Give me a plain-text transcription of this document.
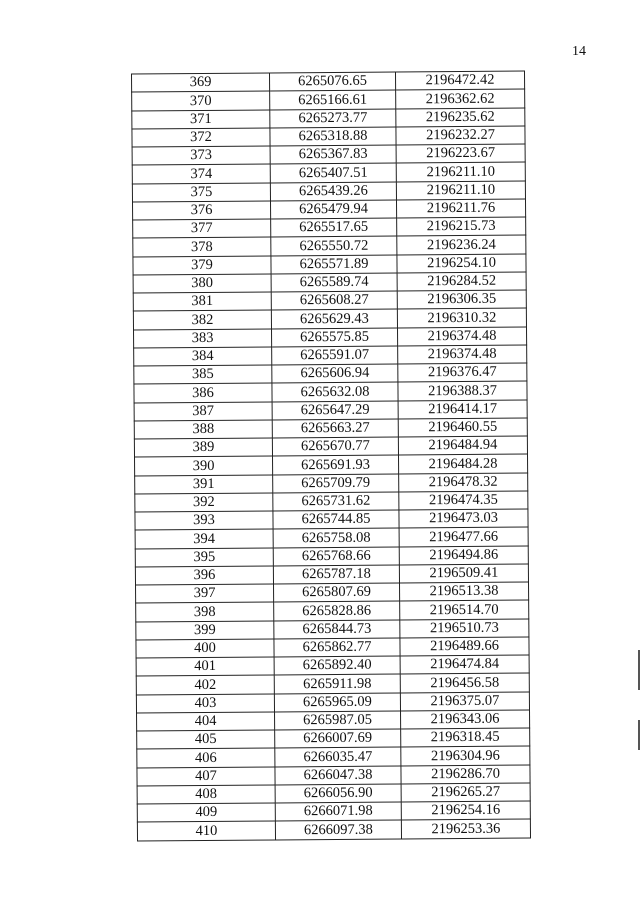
14
369	6265076.65	2196472.42
370	6265166.61	2196362.62
371	6265273.77	2196235.62
372	6265318.88	2196232.27
373	6265367.83	2196223.67
374	6265407.51	2196211.10
375	6265439.26	2196211.10
376	6265479.94	2196211.76
377	6265517.65	2196215.73
378	6265550.72	2196236.24
379	6265571.89	2196254.10
380	6265589.74	2196284.52
381	6265608.27	2196306.35
382	6265629.43	2196310.32
383	6265575.85	2196374.48
384	6265591.07	2196374.48
385	6265606.94	2196376.47
386	6265632.08	2196388.37
387	6265647.29	2196414.17
388	6265663.27	2196460.55
389	6265670.77	2196484.94
390	6265691.93	2196484.28
391	6265709.79	2196478.32
392	6265731.62	2196474.35
393	6265744.85	2196473.03
394	6265758.08	2196477.66
395	6265768.66	2196494.86
396	6265787.18	2196509.41
397	6265807.69	2196513.38
398	6265828.86	2196514.70
399	6265844.73	2196510.73
400	6265862.77	2196489.66
401	6265892.40	2196474.84
402	6265911.98	2196456.58
403	6265965.09	2196375.07
404	6265987.05	2196343.06
405	6266007.69	2196318.45
406	6266035.47	2196304.96
407	6266047.38	2196286.70
408	6266056.90	2196265.27
409	6266071.98	2196254.16
410	6266097.38	2196253.36
